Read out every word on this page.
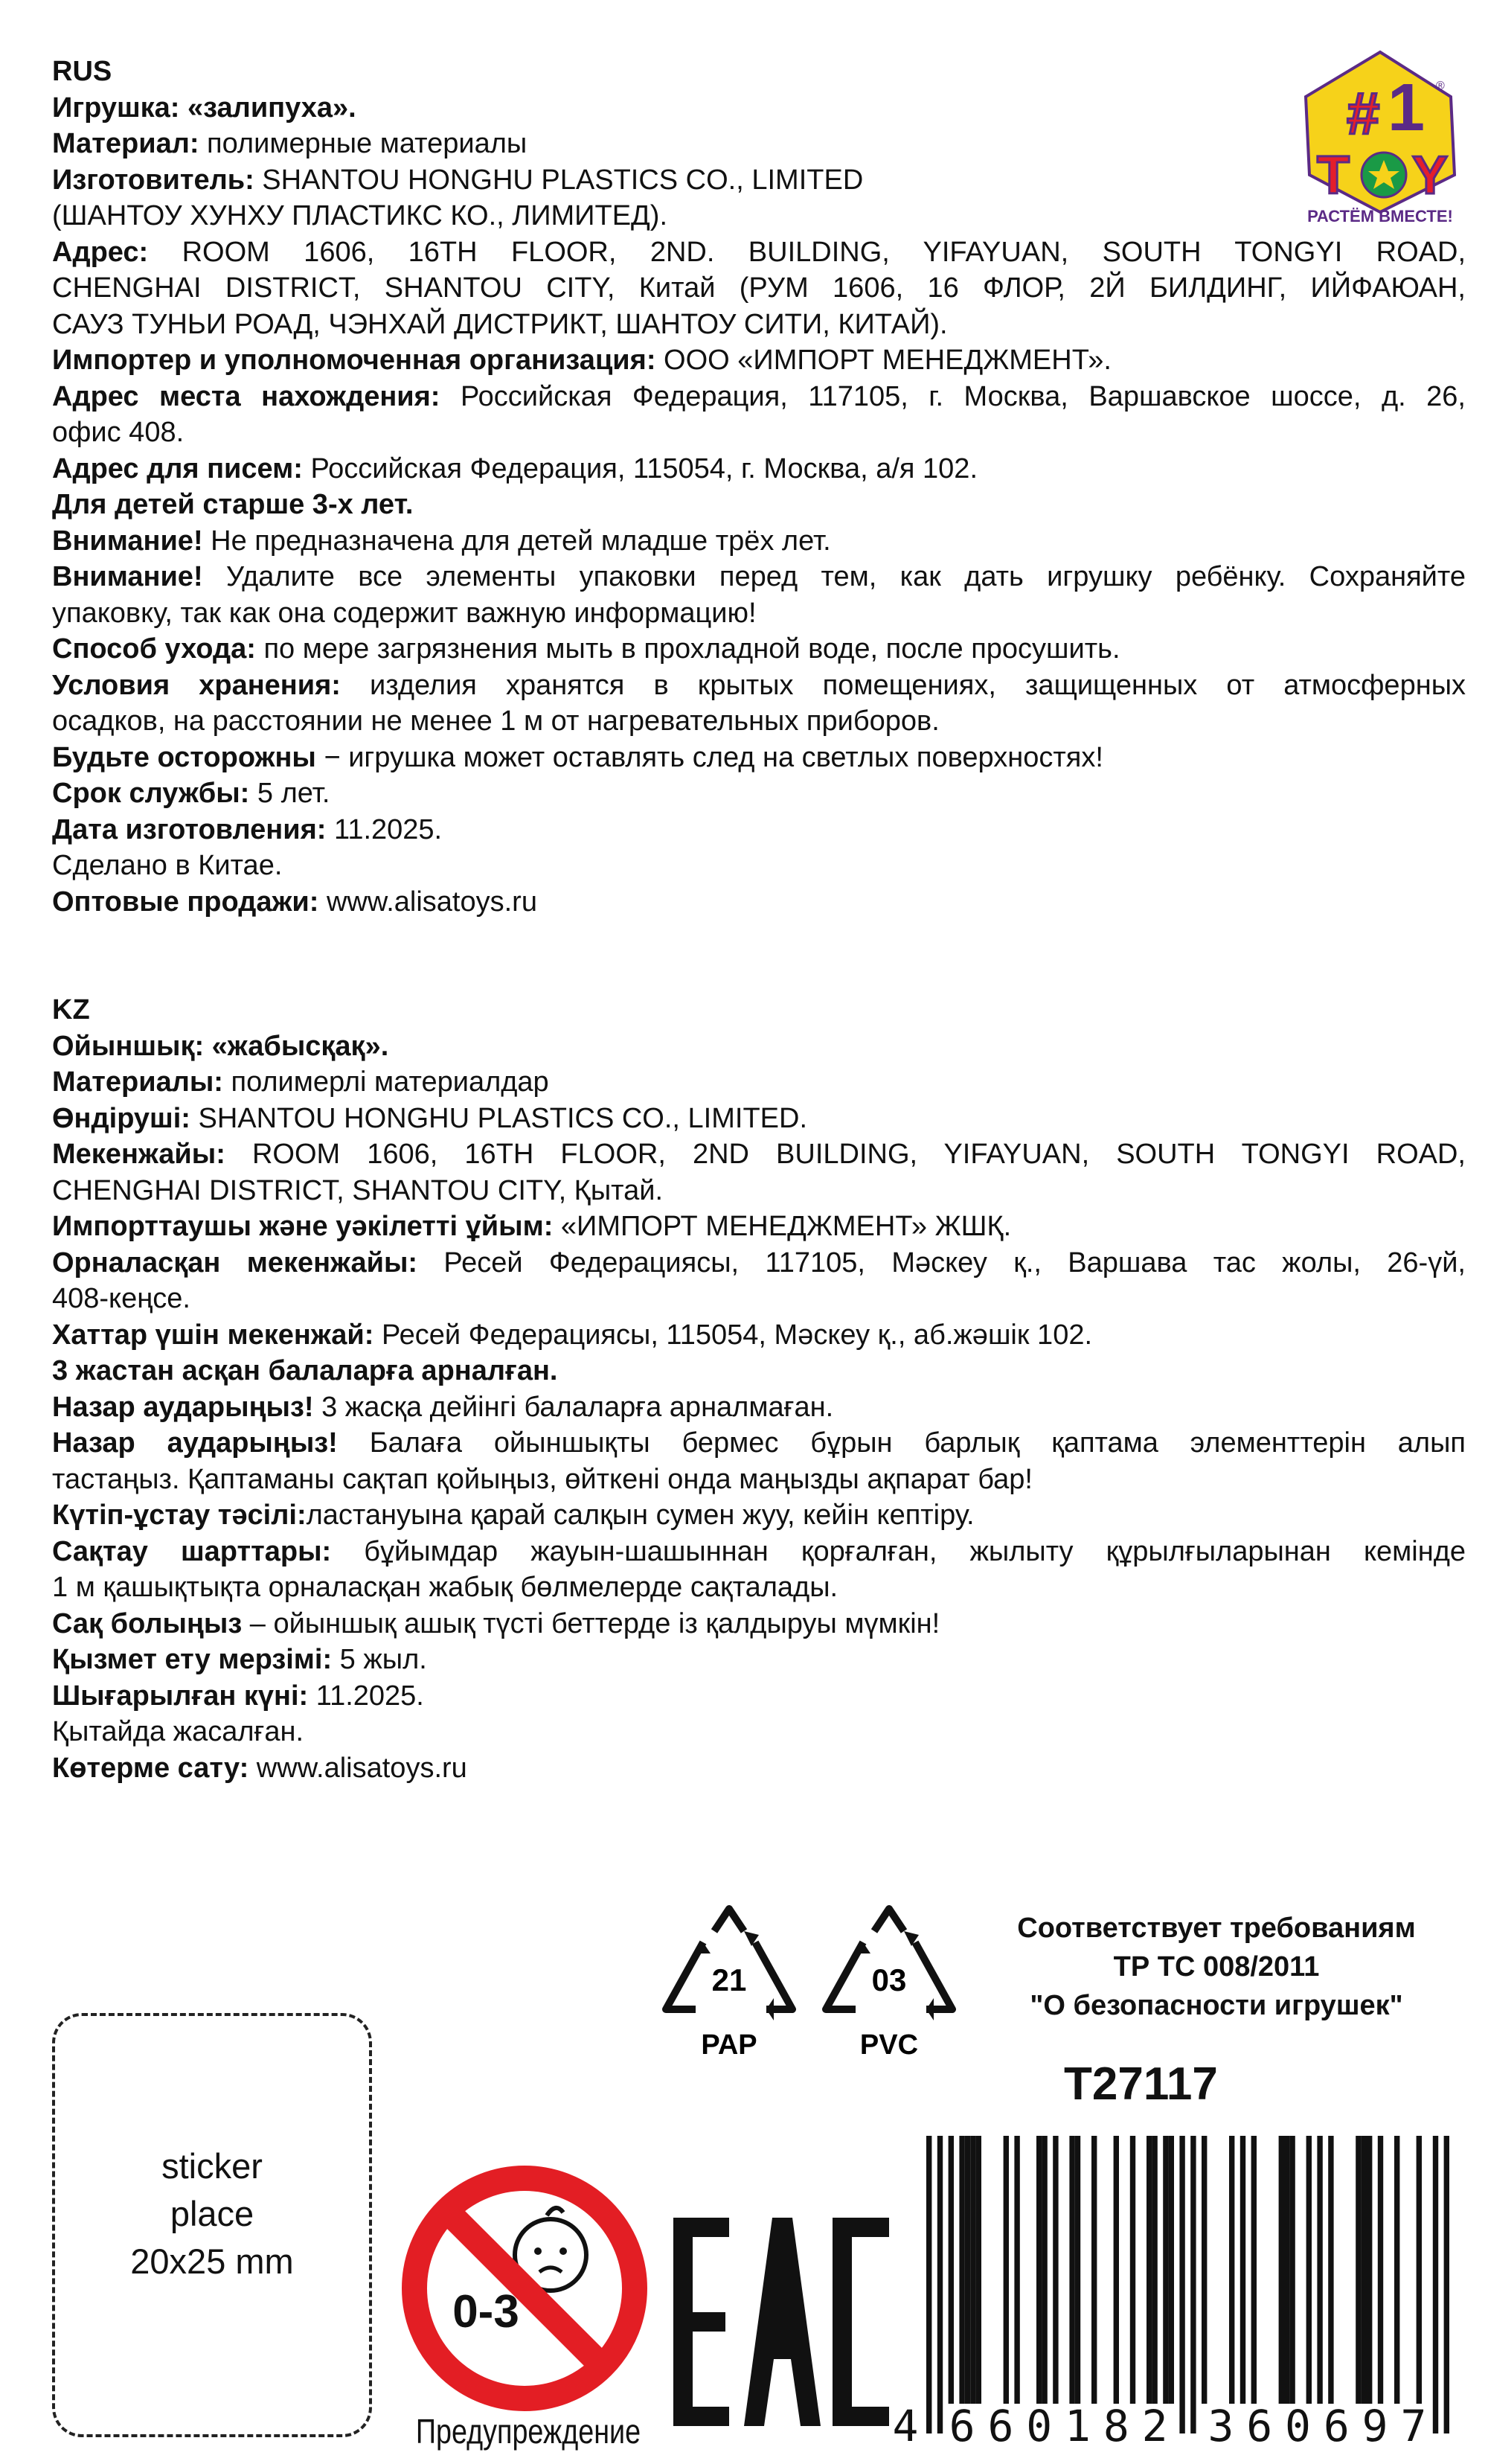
RUS
Игрушка: «залипуха».
Материал: полимерные материалы
Изготовитель: SHANTOU HONGHU PLASTICS CO., LIMITED
(ШАНТОУ ХУНХУ ПЛАСТИКС КО., ЛИМИТЕД).
Адрес: ROOM 1606, 16TH FLOOR, 2ND. BUILDING, YIFAYUAN, SOUTH TONGYI ROAD,
CHENGHAI DISTRICT, SHANTOU CITY, Китай (РУМ 1606, 16 ФЛОР, 2Й БИЛДИНГ, ИЙФАЮАН,
САУЗ ТУНЬИ РОАД, ЧЭНХАЙ ДИСТРИКТ, ШАНТОУ СИТИ, КИТАЙ).
Импортер и уполномоченная организация: ООО «ИМПОРТ МЕНЕДЖМЕНТ».
Адрес места нахождения: Российская Федерация, 117105, г. Москва, Варшавское шоссе, д. 26,
офис 408.
Адрес для писем: Российская Федерация, 115054, г. Москва, а/я 102.
Для детей старше 3-х лет.
Внимание! Не предназначена для детей младше трёх лет.
Внимание! Удалите все элементы упаковки перед тем, как дать игрушку ребёнку. Сохраняйте
упаковку, так как она содержит важную информацию!
Способ ухода: по мере загрязнения мыть в прохладной воде, после просушить.
Условия хранения: изделия хранятся в крытых помещениях, защищенных от атмосферных
осадков, на расстоянии не менее 1 м от нагревательных приборов.
Будьте осторожны − игрушка может оставлять след на светлых поверхностях!
Срок службы: 5 лет.
Дата изготовления: 11.2025.
Сделано в Китае.
Оптовые продажи: www.alisatoys.ru
KZ
Ойыншық: «жабысқақ».
Материалы: полимерлі материалдар
Өндіруші: SHANTOU HONGHU PLASTICS CO., LIMITED.
Мекенжайы: ROOM 1606, 16TH FLOOR, 2ND BUILDING, YIFAYUAN, SOUTH TONGYI ROAD,
CHENGHAI DISTRICT, SHANTOU CITY, Қытай.
Импорттаушы және уәкілетті ұйым: «ИМПОРТ МЕНЕДЖМЕНТ» ЖШҚ.
Орналасқан мекенжайы: Ресей Федерациясы, 117105, Мәскеу қ., Варшава тас жолы, 26-үй,
408-кеңсе.
Хаттар үшін мекенжай: Ресей Федерациясы, 115054, Мәскеу қ., аб.жәшік 102.
3 жастан асқан балаларға арналған.
Назар аударыңыз! 3 жасқа дейінгі балаларға арналмаған.
Назар аударыңыз! Балаға ойыншықты бермес бұрын барлық қаптама элементтерін алып
тастаңыз. Қаптаманы сақтап қойыңыз, өйткені онда маңызды ақпарат бар!
Күтіп-ұстау тәсілі:ластануына қарай салқын сумен жуу, кейін кептіру.
Сақтау шарттары: бұйымдар жауын-шашыннан қорғалған, жылыту құрылғыларынан кемінде
1 м қашықтықта орналасқан жабық бөлмелерде сақталады.
Сақ болыңыз – ойыншық ашық түсті беттерде із қалдыруы мүмкін!
Қызмет ету мерзімі: 5 жыл.
Шығарылған күні: 11.2025.
Қытайда жасалған.
Көтерме сату: www.alisatoys.ru
# 1
T Y
®
РАСТЁМ ВМЕСТЕ!
21
PAP
03
PVC
Соответствует требованиям
ТР ТС 008/2011
"О безопасности игрушек"
T27117
sticker
place
20x25 mm
0-3
Предупреждение	4 6 6 0 1 8 2 3 6 0 6 9 7
